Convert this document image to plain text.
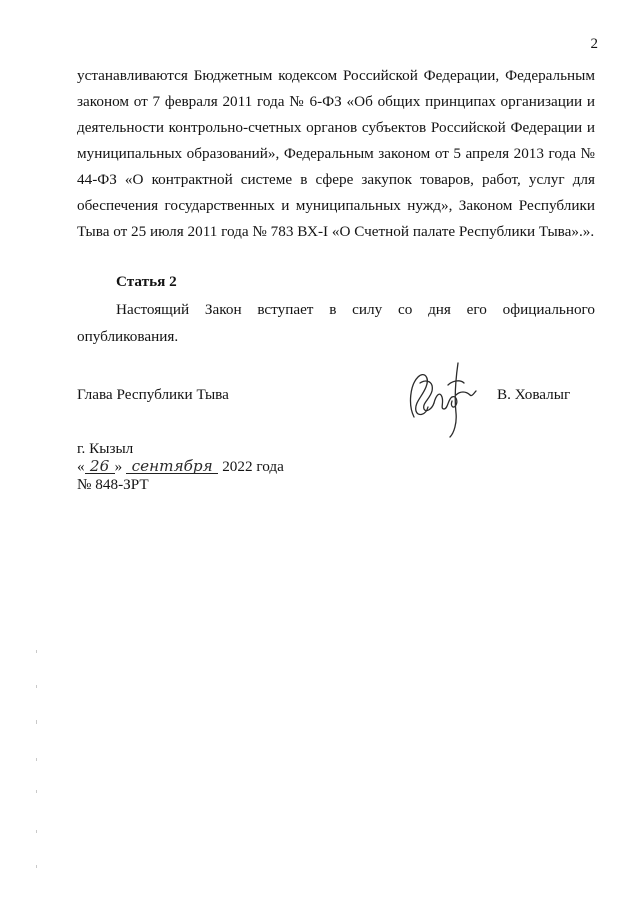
2
устанавливаются Бюджетным кодексом Российской Федерации, Федеральным
законом от 7 февраля 2011 года № 6-ФЗ «Об общих принципах организации и
деятельности контрольно-счетных органов субъектов Российской Федерации и
муниципальных образований», Федеральным законом от 5 апреля 2013 года №
44-ФЗ «О контрактной системе в сфере закупок товаров, работ, услуг для
обеспечения государственных и муниципальных нужд», Законом Республики
Тыва от 25 июля 2011 года № 783 ВХ-I «О Счетной палате Республики Тыва».».
Статья 2
Настоящий Закон вступает в силу со дня его официального
опубликования.
Глава Республики Тыва	В. Ховалыг
г. Кызыл
« 26 » сентября 2022 года
№ 848-ЗРТ
